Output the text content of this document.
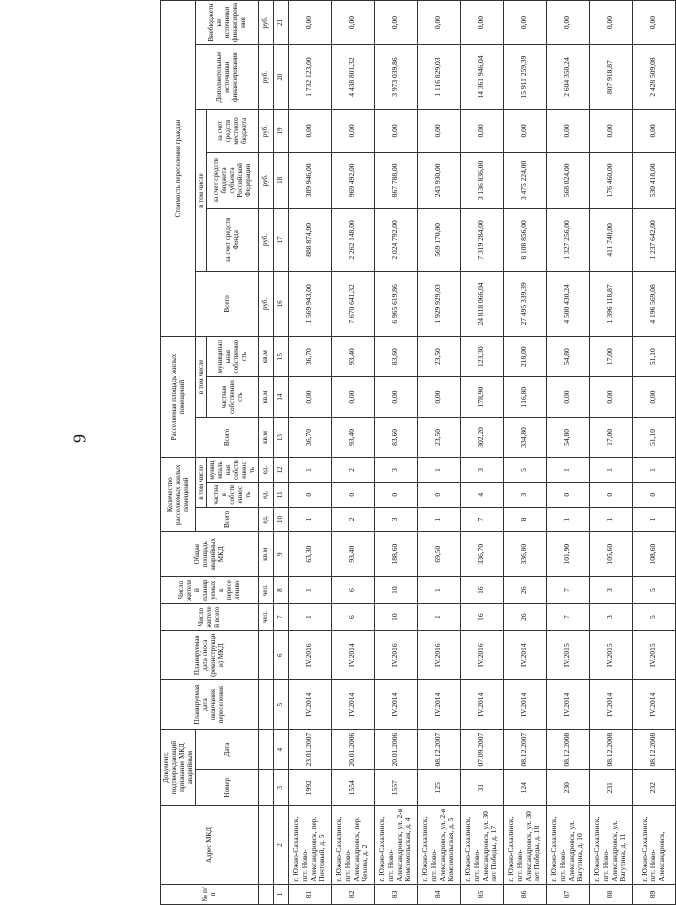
9
№ п/п	Адрес МКД	Документ, подтверждающий признание МКД аварийным		Планируемая дата окончания переселения	Планируемая дата сноса (реконструкции) МКД	Число жителей всего	Число жителей планируемых к переселению	Общая площадь аварийных МКД	Количество расселяемых жилых помещений			Расселяемая площадь жилых помещений			Стоимость переселения граждан					
		Номер	Дата						Всего	в том числе		Всего	в том числе		Всего	в том числе			Дополнительные источники финансирования	Внебюджетные источники финансирования
										частная собственность	муниципальная собственность		частная собственность	муниципальная собственность		за счет средств Фонда	за счет средств бюджета субъекта Российской Федерации	за счет средств местного бюджета		
						чел.	чел.	кв.м	ед.	ед.	ед.	кв.м	кв.м	кв.м	руб.	руб.	руб.	руб.	руб.	руб.
1	2	3	4	5	6	7	8	9	10	11	12	13	14	15	16	17	18	19	20	21
81	г. Южно-Сахалинск, пгт. Ново-Александровск, пер. Почтовый, д. 5	1992	23.01.2007	IV.2014	IV.2016	1	1	63,30	1	0	1	36,70	0,00	36,70	1 569 943,00	888 874,00	389 946,00	0,00	1 732 123,00	0,00
82	г. Южно-Сахалинск, пгт. Ново-Александровск, пер. Чехова, д. 2	1554	20.01.2006	IV.2014	IV.2014	6	6	93,40	2	0	2	93,40	0,00	93,40	7 670 641,32	2 262 148,00	969 492,00	0,00	4 438 801,32	0,00
83	г. Южно-Сахалинск, пгт. Ново-Александровск, ул. 2-я Комсомольская, д. 4	1557	20.01.2006	IV.2014	IV.2016	10	10	188,60	3	0	3	83,60	0,00	83,60	6 965 619,86	2 024 792,00	867 788,00	0,00	3 973 039,86	0,00
84	г. Южно-Сахалинск, пгт. Ново-Александровск, ул. 2-я Комсомольская, д. 5	125	08.12.2007	IV.2014	IV.2016	1	1	69,50	1	0	1	23,50	0,00	23,50	1 929 929,03	569 170,00	243 930,00	0,00	1 116 829,03	0,00
85	г. Южно-Сахалинск, пгт. Ново-Александровск, ул. 30 лет Победы, д. 17	31	07.09.2007	IV.2014	IV.2016	16	16	336,70	7	4	3	302,20	178,90	123,30	24 818 066,04	7 319 284,00	3 136 836,00	0,00	14 361 946,04	0,00
86	г. Южно-Сахалинск, пгт. Ново-Александровск, ул. 30 лет Победы, д. 18	124	08.12.2007	IV.2014	IV.2014	26	26	336,80	8	3	5	334,80	116,80	218,00	27 495 339,39	8 108 856,00	3 475 224,00	0,00	15 911 259,39	0,00
87	г. Южно-Сахалинск, пгт. Ново-Александровск, ул. Вагутина, д. 10	230	08.12.2008	IV.2014	IV.2015	7	7	101,90	1	0	1	54,80	0,00	54,80	4 500 430,24	1 327 256,00	568 824,00	0,00	2 604 350,24	0,00
88	г. Южно-Сахалинск, пгт. Ново-Александровск, ул. Вагутина, д. 11	231	08.12.2008	IV.2014	IV.2015	3	3	105,60	1	0	1	17,00	0,00	17,00	1 396 118,87	411 740,00	176 460,00	0,00	807 918,87	0,00
89	г. Южно-Сахалинск, пгт. Ново-Александровск,	232	08.12.2008	IV.2014	IV.2015	5	5	108,60	1	0	1	51,10	0,00	51,10	4 196 569,08	1 237 642,00	530 418,00	0,00	2 428 509,08	0,00
